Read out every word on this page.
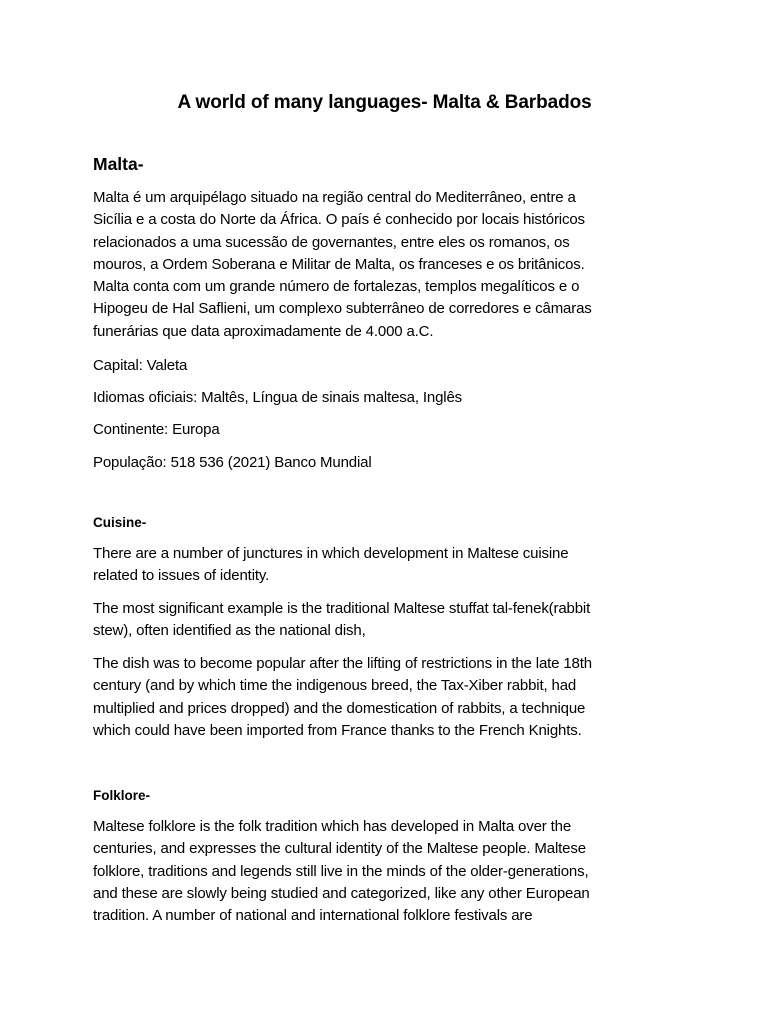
A world of many languages- Malta & Barbados
Malta-

Malta é um arquipélago situado na região central do Mediterrâneo, entre a
Sicília e a costa do Norte da África. O país é conhecido por locais históricos
relacionados a uma sucessão de governantes, entre eles os romanos, os
mouros, a Ordem Soberana e Militar de Malta, os franceses e os britânicos.
Malta conta com um grande número de fortalezas, templos megalíticos e o
Hipogeu de Hal Saflieni, um complexo subterrâneo de corredores e câmaras
funerárias que data aproximadamente de 4.000 a.C.

Capital: Valeta

Idiomas oficiais: Maltês, Língua de sinais maltesa, Inglês

Continente: Europa

População: 518 536 (2021) Banco Mundial

Cuisine-

There are a number of junctures in which development in Maltese cuisine
related to issues of identity.

The most significant example is the traditional Maltese stuffat tal-fenek(rabbit
stew), often identified as the national dish,

The dish was to become popular after the lifting of restrictions in the late 18th
century (and by which time the indigenous breed, the Tax-Xiber rabbit, had
multiplied and prices dropped) and the domestication of rabbits, a technique
which could have been imported from France thanks to the French Knights.

Folklore-

Maltese folklore is the folk tradition which has developed in Malta over the
centuries, and expresses the cultural identity of the Maltese people. Maltese
folklore, traditions and legends still live in the minds of the older-generations,
and these are slowly being studied and categorized, like any other European
tradition. A number of national and international folklore festivals are
